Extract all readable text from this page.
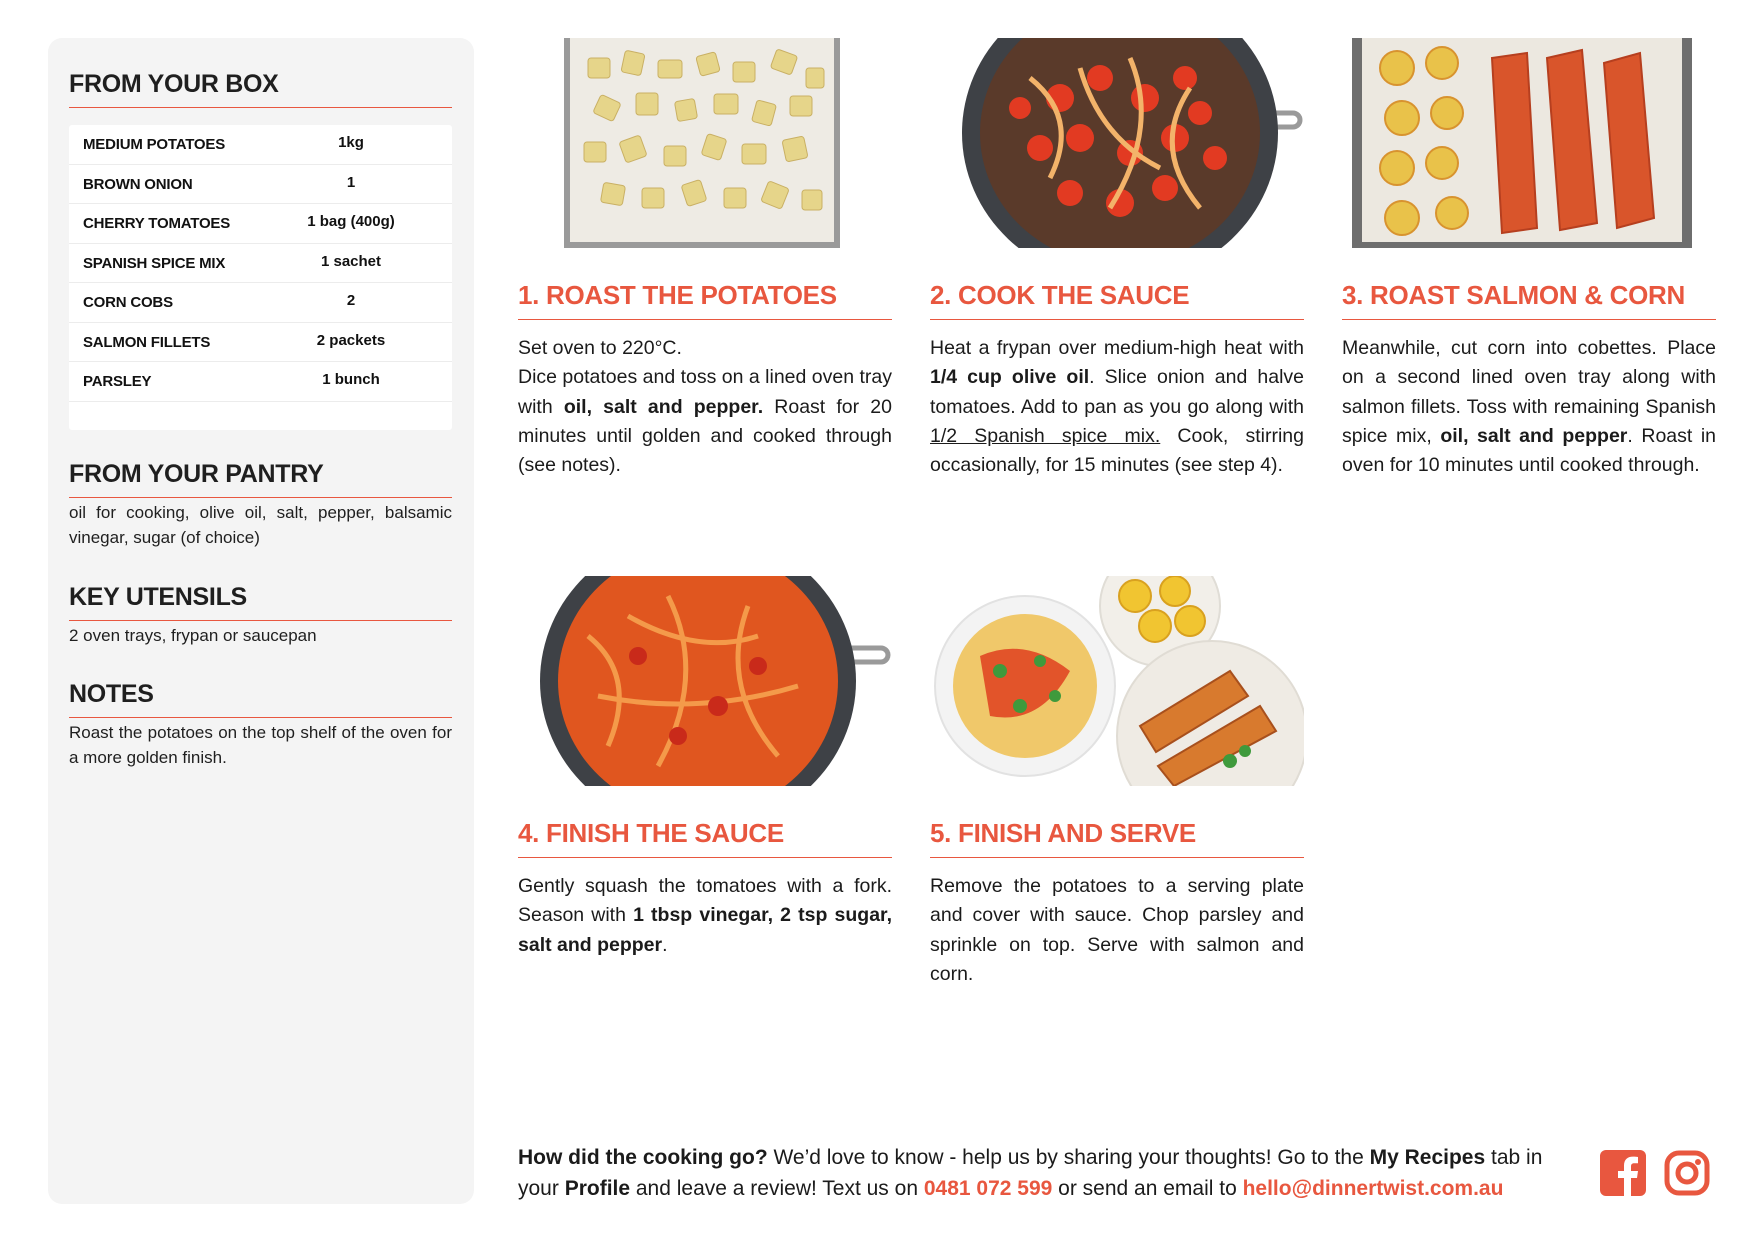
FROM YOUR BOX
MEDIUM POTATOES	1kg
BROWN ONION	1
CHERRY TOMATOES	1 bag (400g)
SPANISH SPICE MIX	1 sachet
CORN COBS	2
SALMON FILLETS	2 packets
PARSLEY	1 bunch
FROM YOUR PANTRY

oil for cooking, olive oil, salt, pepper, balsamic vinegar, sugar (of choice)

KEY UTENSILS

2 oven trays, frypan or saucepan

NOTES

Roast the potatoes on the top shelf of the oven for a more golden finish.

1. ROAST THE POTATOES

Set oven to 220°C.
Dice potatoes and toss on a lined oven tray with oil, salt and pepper. Roast for 20 minutes until golden and cooked through (see notes).

2. COOK THE SAUCE

Heat a frypan over medium-high heat with 1/4 cup olive oil. Slice onion and halve tomatoes. Add to pan as you go along with 1/2 Spanish spice mix. Cook, stirring occasionally, for 15 minutes (see step 4).

3. ROAST SALMON & CORN

Meanwhile, cut corn into cobettes. Place on a second lined oven tray along with salmon fillets. Toss with remaining Spanish spice mix, oil, salt and pepper. Roast in oven for 10 minutes until cooked through.

4. FINISH THE SAUCE

Gently squash the tomatoes with a fork. Season with 1 tbsp vinegar, 2 tsp sugar, salt and pepper.

5. FINISH AND SERVE

Remove the potatoes to a serving plate and cover with sauce. Chop parsley and sprinkle on top. Serve with salmon and corn.

How did the cooking go? We’d love to know - help us by sharing your thoughts! Go to the My Recipes tab in your Profile and leave a review! Text us on 0481 072 599 or send an email to hello@dinnertwist.com.au
